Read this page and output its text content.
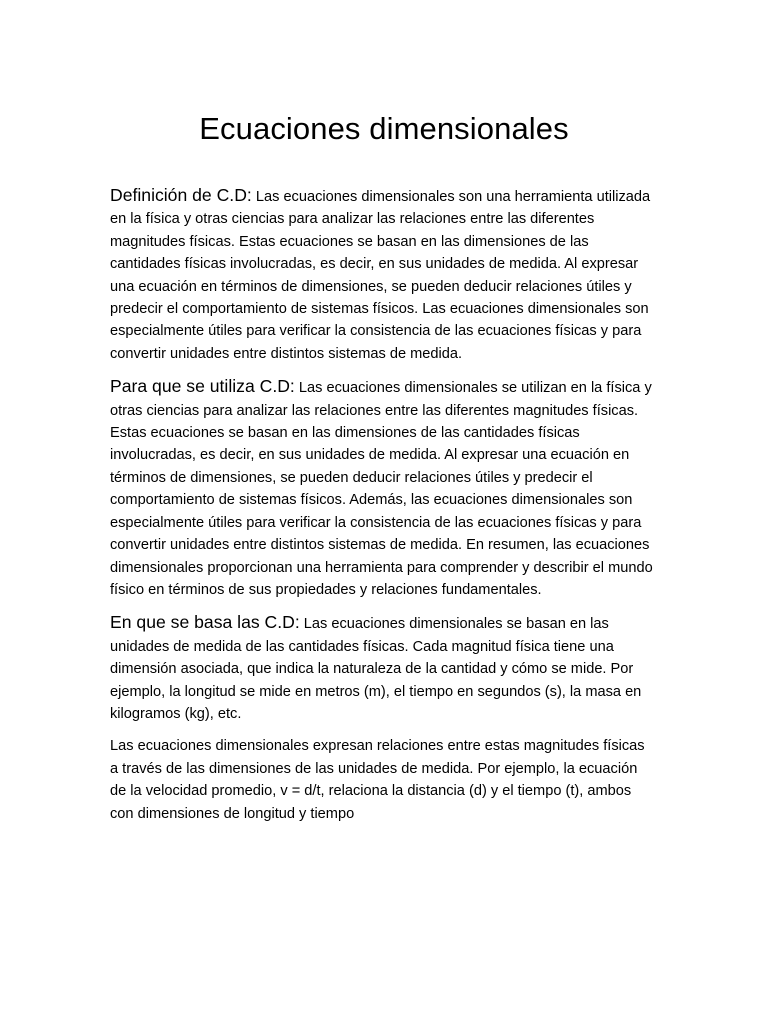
Ecuaciones dimensionales

Definición de C.D: Las ecuaciones dimensionales son una herramienta utilizada en la física y otras ciencias para analizar las relaciones entre las diferentes magnitudes físicas. Estas ecuaciones se basan en las dimensiones de las cantidades físicas involucradas, es decir, en sus unidades de medida. Al expresar una ecuación en términos de dimensiones, se pueden deducir relaciones útiles y predecir el comportamiento de sistemas físicos. Las ecuaciones dimensionales son especialmente útiles para verificar la consistencia de las ecuaciones físicas y para convertir unidades entre distintos sistemas de medida.

Para que se utiliza C.D: Las ecuaciones dimensionales se utilizan en la física y otras ciencias para analizar las relaciones entre las diferentes magnitudes físicas. Estas ecuaciones se basan en las dimensiones de las cantidades físicas involucradas, es decir, en sus unidades de medida. Al expresar una ecuación en términos de dimensiones, se pueden deducir relaciones útiles y predecir el comportamiento de sistemas físicos. Además, las ecuaciones dimensionales son especialmente útiles para verificar la consistencia de las ecuaciones físicas y para convertir unidades entre distintos sistemas de medida. En resumen, las ecuaciones dimensionales proporcionan una herramienta para comprender y describir el mundo físico en términos de sus propiedades y relaciones fundamentales.

En que se basa las C.D: Las ecuaciones dimensionales se basan en las unidades de medida de las cantidades físicas. Cada magnitud física tiene una dimensión asociada, que indica la naturaleza de la cantidad y cómo se mide. Por ejemplo, la longitud se mide en metros (m), el tiempo en segundos (s), la masa en kilogramos (kg), etc.

Las ecuaciones dimensionales expresan relaciones entre estas magnitudes físicas a través de las dimensiones de las unidades de medida. Por ejemplo, la ecuación de la velocidad promedio, v = d/t, relaciona la distancia (d) y el tiempo (t), ambos con dimensiones de longitud y tiempo
